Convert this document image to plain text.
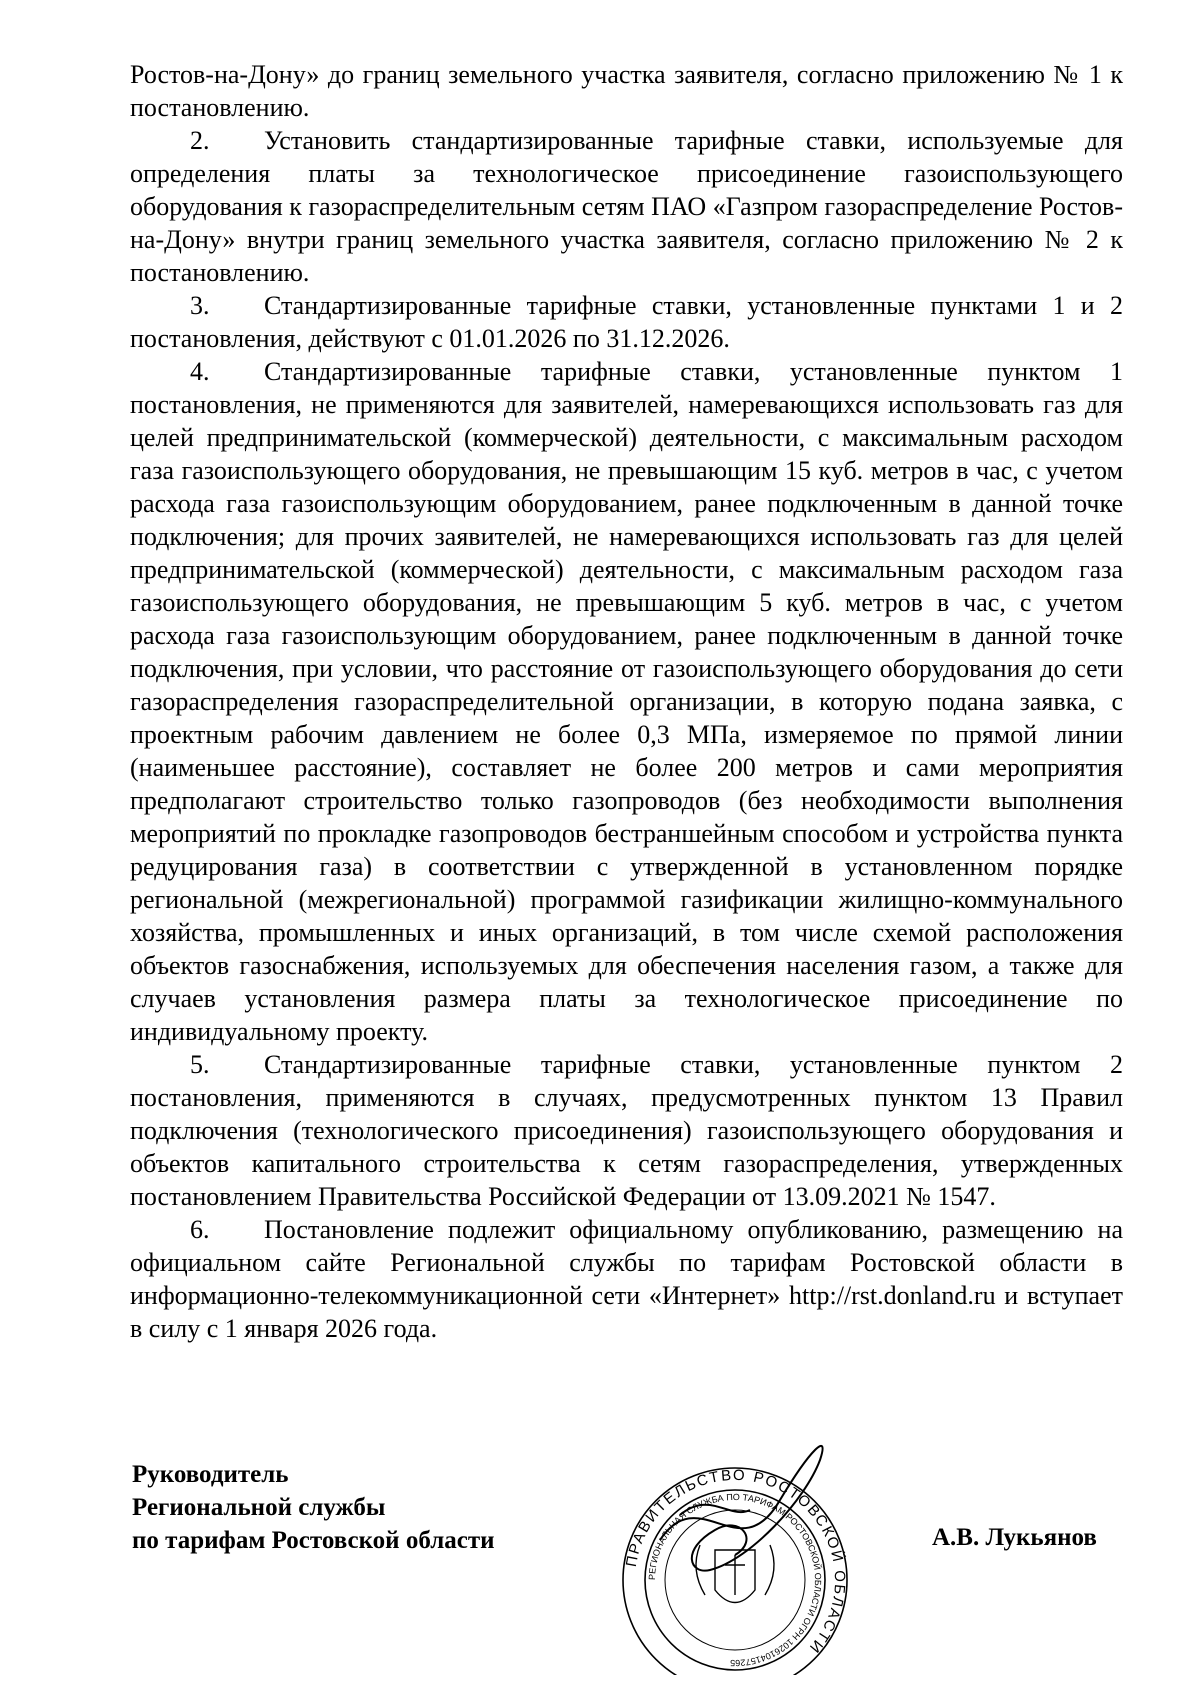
Ростов-на-Дону» до границ земельного участка заявителя, согласно приложению № 1 к постановлению.

2. Установить стандартизированные тарифные ставки, используемые для определения платы за технологическое присоединение газоиспользующего оборудования к газораспределительным сетям ПАО «Газпром газораспределение Ростов-на-Дону» внутри границ земельного участка заявителя, согласно приложению № 2 к постановлению.

3. Стандартизированные тарифные ставки, установленные пунктами 1 и 2 постановления, действуют с 01.01.2026 по 31.12.2026.

4. Стандартизированные тарифные ставки, установленные пунктом 1 постановления, не применяются для заявителей, намеревающихся использовать газ для целей предпринимательской (коммерческой) деятельности, с максимальным расходом газа газоиспользующего оборудования, не превышающим 15 куб. метров в час, с учетом расхода газа газоиспользующим оборудованием, ранее подключенным в данной точке подключения; для прочих заявителей, не намеревающихся использовать газ для целей предпринимательской (коммерческой) деятельности, с максимальным расходом газа газоиспользующего оборудования, не превышающим 5 куб. метров в час, с учетом расхода газа газоиспользующим оборудованием, ранее подключенным в данной точке подключения, при условии, что расстояние от газоиспользующего оборудования до сети газораспределения газораспределительной организации, в которую подана заявка, с проектным рабочим давлением не более 0,3 МПа, измеряемое по прямой линии (наименьшее расстояние), составляет не более 200 метров и сами мероприятия предполагают строительство только газопроводов (без необходимости выполнения мероприятий по прокладке газопроводов бестраншейным способом и устройства пункта редуцирования газа) в соответствии с утвержденной в установленном порядке региональной (межрегиональной) программой газификации жилищно-коммунального хозяйства, промышленных и иных организаций, в том числе схемой расположения объектов газоснабжения, используемых для обеспечения населения газом, а также для случаев установления размера платы за технологическое присоединение по индивидуальному проекту.

5. Стандартизированные тарифные ставки, установленные пунктом 2 постановления, применяются в случаях, предусмотренных пунктом 13 Правил подключения (технологического присоединения) газоиспользующего оборудования и объектов капитального строительства к сетям газораспределения, утвержденных постановлением Правительства Российской Федерации от 13.09.2021 № 1547.

6. Постановление подлежит официальному опубликованию, размещению на официальном сайте Региональной службы по тарифам Ростовской области в информационно-телекоммуникационной сети «Интернет» http://rst.donland.ru и вступает в силу с 1 января 2026 года.

Руководитель
Региональной службы
по тарифам Ростовской области
ПРАВИТЕЛЬСТВО РОСТОВСКОЙ ОБЛАСТИ
РЕГИОНАЛЬНАЯ СЛУЖБА ПО ТАРИФАМ РОСТОВСКОЙ ОБЛАСТИ ОГРН 1026104157265
А.В. Лукьянов
